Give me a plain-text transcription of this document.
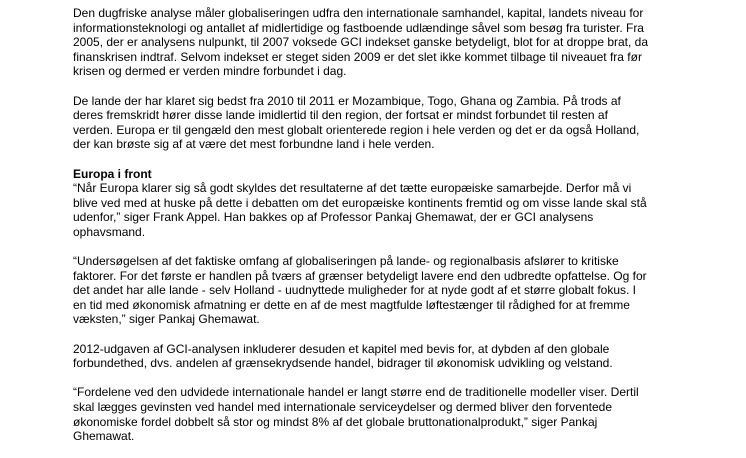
Den dugfriske analyse måler globaliseringen udfra den internationale samhandel, kapital, landets niveau for
informationsteknologi og antallet af midlertidige og fastboende udlændinge såvel som besøg fra turister. Fra
2005, der er analysens nulpunkt, til 2007 voksede GCI indekset ganske betydeligt, blot for at droppe brat, da
finanskrisen indtraf. Selvom indekset er steget siden 2009 er det slet ikke kommet tilbage til niveauet fra før
krisen og dermed er verden mindre forbundet i dag.

De lande der har klaret sig bedst fra 2010 til 2011 er Mozambique, Togo, Ghana og Zambia. På trods af
deres fremskridt hører disse lande imidlertid til den region, der fortsat er mindst forbundet til resten af
verden. Europa er til gengæld den mest globalt orienterede region i hele verden og det er da også Holland,
der kan brøste sig af at være det mest forbundne land i hele verden.

Europa i front

“Når Europa klarer sig så godt skyldes det resultaterne af det tætte europæiske samarbejde. Derfor må vi
blive ved med at huske på dette i debatten om det europæiske kontinents fremtid og om visse lande skal stå
udenfor,” siger Frank Appel. Han bakkes op af Professor Pankaj Ghemawat, der er GCI analysens
ophavsmand.

“Undersøgelsen af det faktiske omfang af globaliseringen på lande- og regionalbasis afslører to kritiske
faktorer. For det første er handlen på tværs af grænser betydeligt lavere end den udbredte opfattelse. Og for
det andet har alle lande - selv Holland - uudnyttede muligheder for at nyde godt af et større globalt fokus. I
en tid med økonomisk afmatning er dette en af de mest magtfulde løftestænger til rådighed for at fremme
væksten,” siger Pankaj Ghemawat.

2012-udgaven af GCI-analysen inkluderer desuden et kapitel med bevis for, at dybden af den globale
forbundethed, dvs. andelen af grænsekrydsende handel, bidrager til økonomisk udvikling og velstand.

“Fordelene ved den udvidede internationale handel er langt større end de traditionelle modeller viser. Dertil
skal lægges gevinsten ved handel med internationale serviceydelser og dermed bliver den forventede
økonomiske fordel dobbelt så stor og mindst 8% af det globale bruttonationalprodukt,” siger Pankaj
Ghemawat.
